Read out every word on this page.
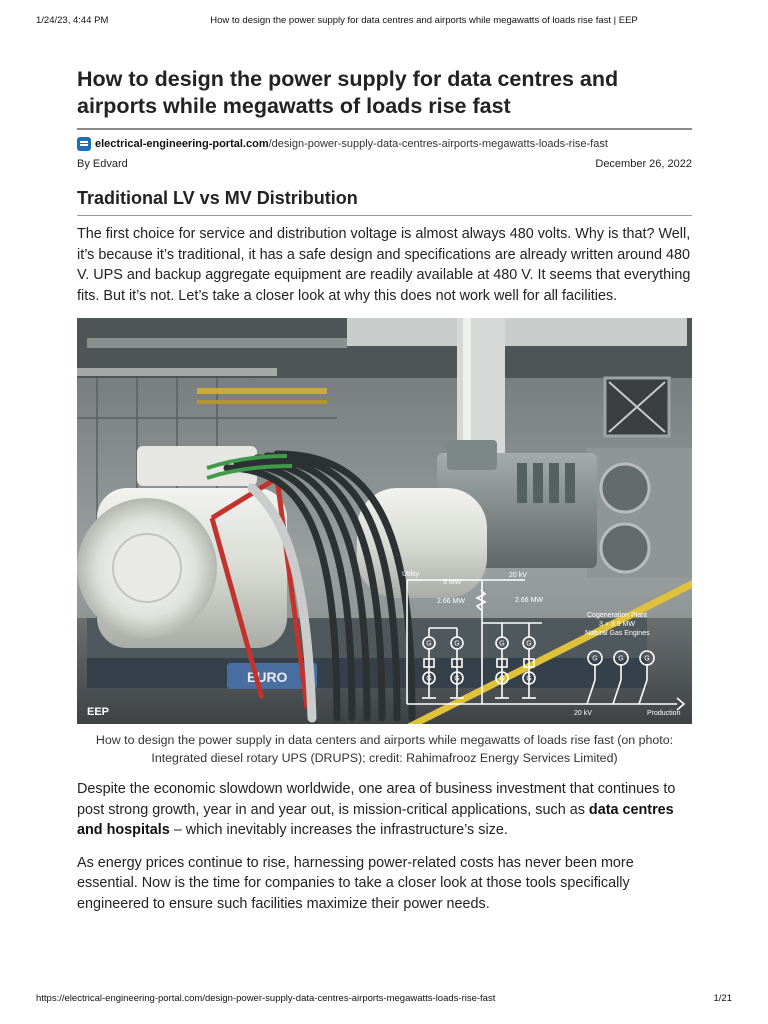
1/24/23, 4:44 PM	How to design the power supply for data centres and airports while megawatts of loads rise fast | EEP
How to design the power supply for data centres and airports while megawatts of loads rise fast
electrical-engineering-portal.com /design-power-supply-data-centres-airports-megawatts-loads-rise-fast
By Edvard	December 26, 2022
Traditional LV vs MV Distribution

The first choice for service and distribution voltage is almost always 480 volts. Why is that? Well, it’s because it’s traditional, it has a safe design and specifications are already written around 480 V. UPS and backup aggregate equipment are readily available at 480 V. It seems that everything fits. But it’s not. Let’s take a closer look at why this does not work well for all facilities.

EURO
G	G	G	G
G	G	G	G
G	G	G
Utility
5 MW
20 kV
2.66 MW	2.66 MW
Cogeneration Plant
3 × 3.9 MW
Natural Gas Engines
20 kV	Production
EEP
How to design the power supply in data centers and airports while megawatts of loads rise fast (on photo: Integrated diesel rotary UPS (DRUPS); credit: Rahimafrooz Energy Services Limited)

Despite the economic slowdown worldwide, one area of business investment that continues to post strong growth, year in and year out, is mission-critical applications, such as data centres and hospitals – which inevitably increases the infrastructure’s size.

As energy prices continue to rise, harnessing power-related costs has never been more essential. Now is the time for companies to take a closer look at those tools specifically engineered to ensure such facilities maximize their power needs.

https://electrical-engineering-portal.com/design-power-supply-data-centres-airports-megawatts-loads-rise-fast	1/21
